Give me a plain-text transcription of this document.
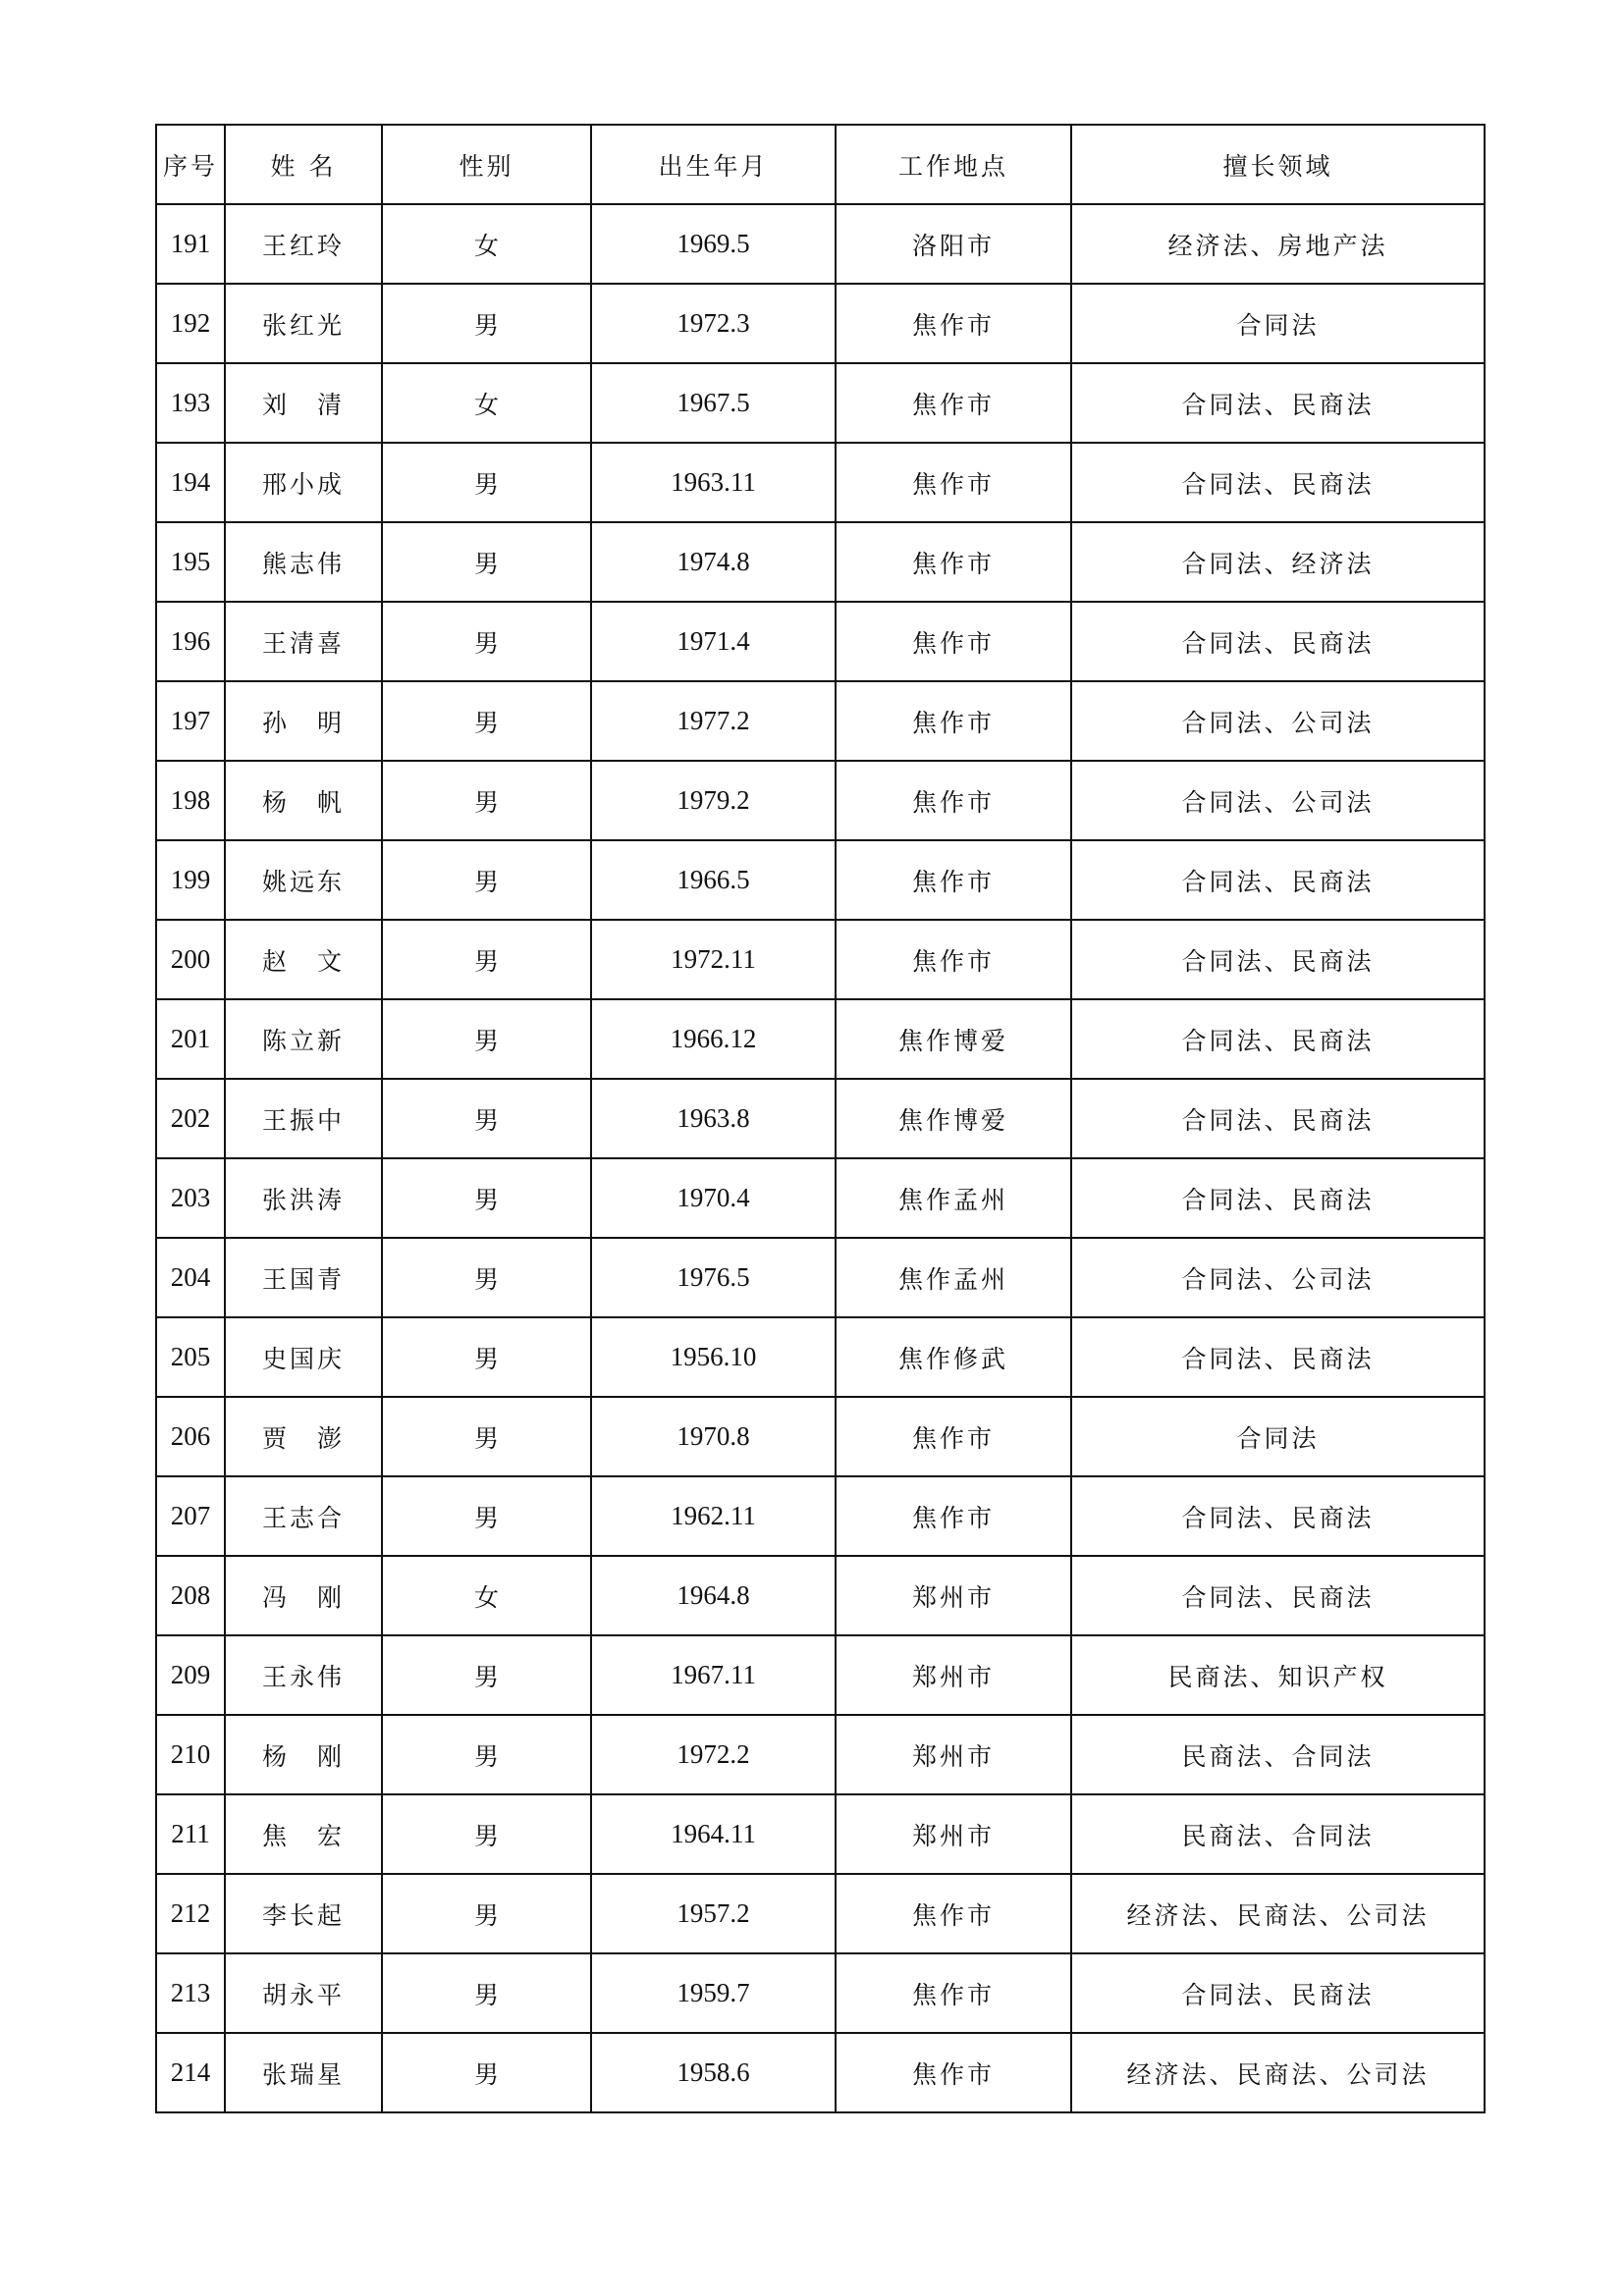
序号	姓 名	性别	出生年月	工作地点	擅长领域
191	王红玲	女	1969.5	洛阳市	经济法、房地产法
192	张红光	男	1972.3	焦作市	合同法
193	刘　清	女	1967.5	焦作市	合同法、民商法
194	邢小成	男	1963.11	焦作市	合同法、民商法
195	熊志伟	男	1974.8	焦作市	合同法、经济法
196	王清喜	男	1971.4	焦作市	合同法、民商法
197	孙　明	男	1977.2	焦作市	合同法、公司法
198	杨　帆	男	1979.2	焦作市	合同法、公司法
199	姚远东	男	1966.5	焦作市	合同法、民商法
200	赵　文	男	1972.11	焦作市	合同法、民商法
201	陈立新	男	1966.12	焦作博爱	合同法、民商法
202	王振中	男	1963.8	焦作博爱	合同法、民商法
203	张洪涛	男	1970.4	焦作孟州	合同法、民商法
204	王国青	男	1976.5	焦作孟州	合同法、公司法
205	史国庆	男	1956.10	焦作修武	合同法、民商法
206	贾　澎	男	1970.8	焦作市	合同法
207	王志合	男	1962.11	焦作市	合同法、民商法
208	冯　刚	女	1964.8	郑州市	合同法、民商法
209	王永伟	男	1967.11	郑州市	民商法、知识产权
210	杨　刚	男	1972.2	郑州市	民商法、合同法
211	焦　宏	男	1964.11	郑州市	民商法、合同法
212	李长起	男	1957.2	焦作市	经济法、民商法、公司法
213	胡永平	男	1959.7	焦作市	合同法、民商法
214	张瑞星	男	1958.6	焦作市	经济法、民商法、公司法
